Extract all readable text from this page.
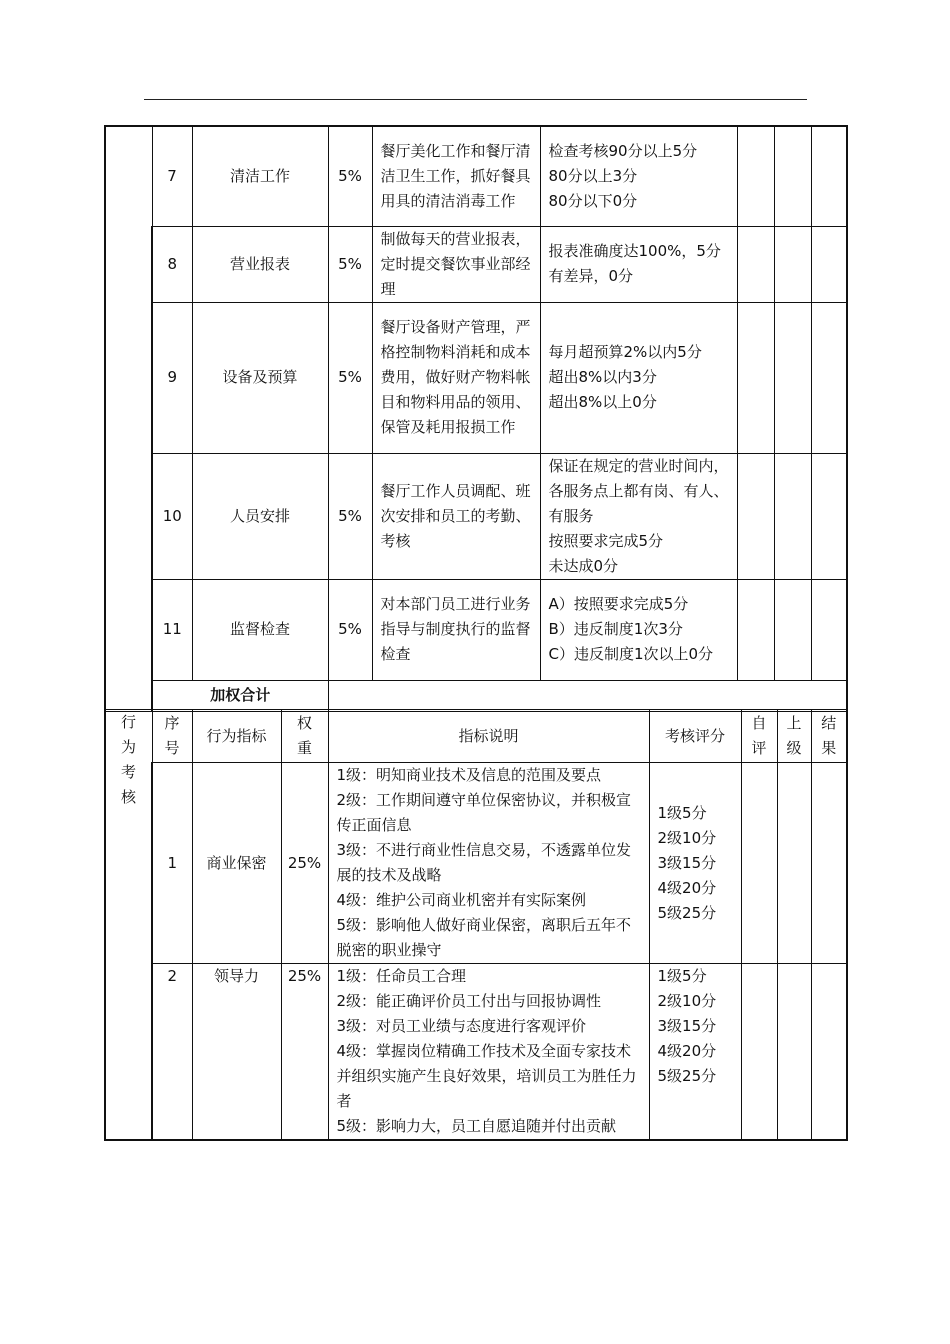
	7	清洁工作	5%	餐厅美化工作和餐厅清洁卫生工作，抓好餐具用具的清洁消毒工作	检查考核90分以上5分
80分以上3分
80分以下0分			
	8	营业报表	5%	制做每天的营业报表，定时提交餐饮事业部经理	报表准确度达100%，5分
有差异，0分			
	9	设备及预算	5%	餐厅设备财产管理，严格控制物料消耗和成本费用，做好财产物料帐目和物料用品的领用、保管及耗用报损工作	每月超预算2%以内5分
超出8%以内3分
超出8%以上0分			
	10	人员安排	5%	餐厅工作人员调配、班次安排和员工的考勤、考核	保证在规定的营业时间内，各服务点上都有岗、有人、有服务
按照要求完成5分
未达成0分			
	11	监督检查	5%	对本部门员工进行业务指导与制度执行的监督检查	A）按照要求完成5分
B）违反制度1次3分
C）违反制度1次以上0分			
	加权合计							
行为考核	序号	行为指标	权重	指标说明	考核评分	自评	上级	结果

	1	商业保密	25%	1级：明知商业技术及信息的范围及要点
2级：工作期间遵守单位保密协议，并积极宣传正面信息
3级：不进行商业性信息交易，不透露单位发展的技术及战略
4级：维护公司商业机密并有实际案例
5级：影响他人做好商业保密，离职后五年不脱密的职业操守	1级5分
2级10分
3级15分
4级20分
5级25分			
	2	领导力	25%	1级：任命员工合理
2级：能正确评价员工付出与回报协调性
3级：对员工业绩与态度进行客观评价
4级：掌握岗位精确工作技术及全面专家技术并组织实施产生良好效果，培训员工为胜任力者
5级：影响力大，员工自愿追随并付出贡献	1级5分
2级10分
3级15分
4级20分
5级25分			
